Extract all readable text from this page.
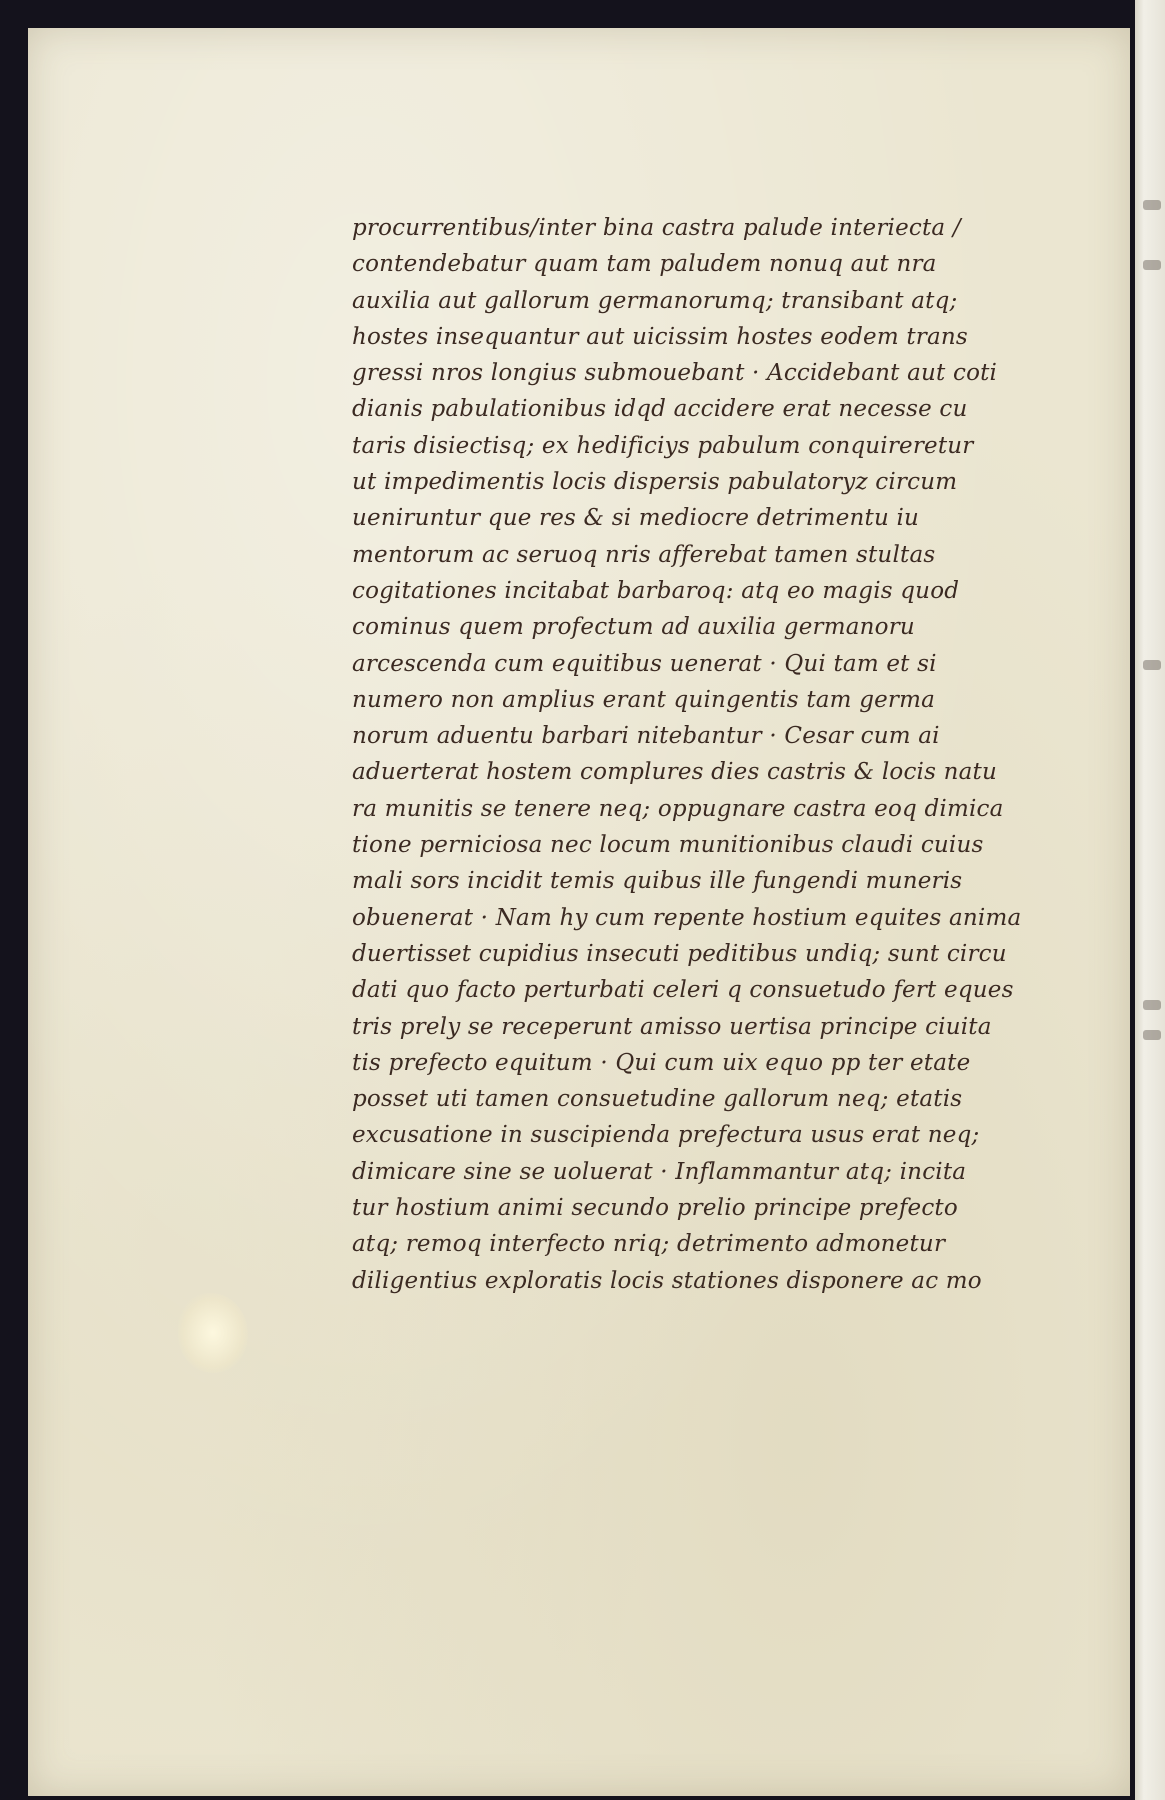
procurrentibus/inter bina castra palude interiecta /
contendebatur quam tam paludem nonuq aut nra
auxilia aut gallorum germanorumq; transibant atq;
hostes insequantur aut uicissim hostes eodem trans
gressi nros longius submouebant · Accidebant aut coti
dianis pabulationibus idqd accidere erat necesse cu
taris disiectisq; ex hedificiys pabulum conquireretur
ut impedimentis locis dispersis pabulatoryz circum
ueniruntur que res & si mediocre detrimentu iu
mentorum ac seruoq nris afferebat tamen stultas
cogitationes incitabat barbaroq: atq eo magis quod
cominus quem profectum ad auxilia germanoru
arcescenda cum equitibus uenerat · Qui tam et si
numero non amplius erant quingentis tam germa
norum aduentu barbari nitebantur · Cesar cum ai
aduerterat hostem complures dies castris & locis natu
ra munitis se tenere neq; oppugnare castra eoq dimica
tione perniciosa nec locum munitionibus claudi cuius
mali sors incidit temis quibus ille fungendi muneris
obuenerat · Nam hy cum repente hostium equites anima
duertisset cupidius insecuti peditibus undiq; sunt circu
dati quo facto perturbati celeri q consuetudo fert eques
tris prely se receperunt amisso uertisa principe ciuita
tis prefecto equitum · Qui cum uix equo pp ter etate
posset uti tamen consuetudine gallorum neq; etatis
excusatione in suscipienda prefectura usus erat neq;
dimicare sine se uoluerat · Inflammantur atq; incita
tur hostium animi secundo prelio principe prefecto
atq; remoq interfecto nriq; detrimento admonetur
diligentius exploratis locis stationes disponere ac mo
